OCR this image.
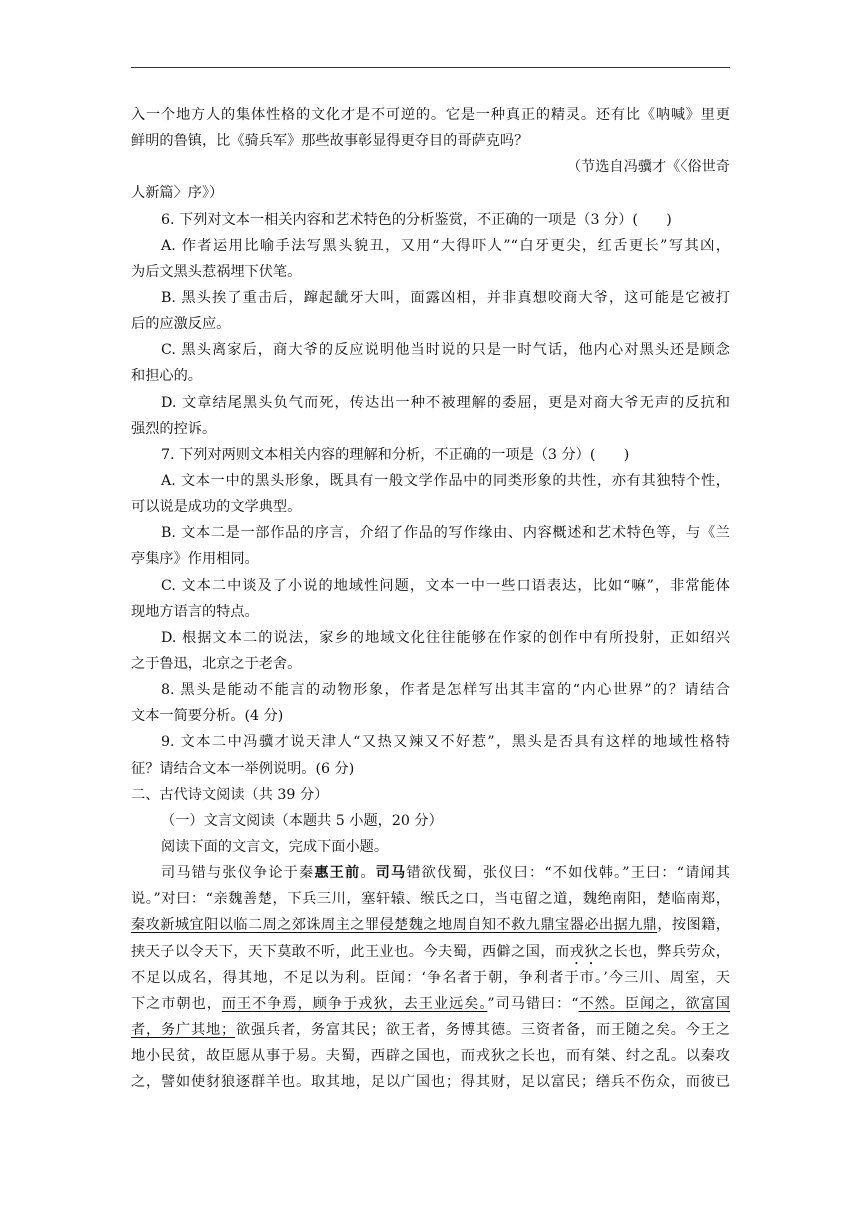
入一个地方人的集体性格的文化才是不可逆的。它是一种真正的精灵。还有比《呐喊》里更
鲜明的鲁镇，比《骑兵军》那些故事彰显得更夺目的哥萨克吗？
（节选自冯骥才《〈俗世奇
人新篇〉序》）
6. 下列对文本一相关内容和艺术特色的分析鉴赏，不正确的一项是（3 分）(　　)
A. 作者运用比喻手法写黑头貌丑，又用“大得吓人”“白牙更尖，红舌更长”写其凶，
为后文黑头惹祸埋下伏笔。
B. 黑头挨了重击后，蹿起龇牙大叫，面露凶相，并非真想咬商大爷，这可能是它被打
后的应激反应。
C. 黑头离家后，商大爷的反应说明他当时说的只是一时气话，他内心对黑头还是顾念
和担心的。
D. 文章结尾黑头负气而死，传达出一种不被理解的委屈，更是对商大爷无声的反抗和
强烈的控诉。
7. 下列对两则文本相关内容的理解和分析，不正确的一项是（3 分）(　　)
A. 文本一中的黑头形象，既具有一般文学作品中的同类形象的共性，亦有其独特个性，
可以说是成功的文学典型。
B. 文本二是一部作品的序言，介绍了作品的写作缘由、内容概述和艺术特色等，与《兰
亭集序》作用相同。
C. 文本二中谈及了小说的地域性问题，文本一中一些口语表达，比如“嘛”，非常能体
现地方语言的特点。
D. 根据文本二的说法，家乡的地域文化往往能够在作家的创作中有所投射，正如绍兴
之于鲁迅，北京之于老舍。
8. 黑头是能动不能言的动物形象，作者是怎样写出其丰富的“内心世界”的？请结合
文本一简要分析。(4 分)
9. 文本二中冯骥才说天津人“又热又辣又不好惹”，黑头是否具有这样的地域性格特
征？请结合文本一举例说明。(6 分)
二、古代诗文阅读（共 39 分）
（一）文言文阅读（本题共 5 小题，20 分）
阅读下面的文言文，完成下面小题。
司马错与张仪争论于秦惠王前。司马错欲伐蜀，张仪曰：“不如伐韩。”王曰：“请闻其
说。”对曰：“亲魏善楚，下兵三川，塞轩辕、缑氏之口，当屯留之道，魏绝南阳，楚临南郑，
秦攻新城宜阳以临二周之郊诛周主之罪侵楚魏之地周自知不救九鼎宝器必出据九鼎，按图籍，
挟天子以令天下，天下莫敢不听，此王业也。今夫蜀，西僻之国，而戎狄之长也，弊兵劳众，
不足以成名，得其地，不足以为利。臣闻：‘争名者于朝，争利者于市。’今三川、周室，天
下之市朝也，而王不争焉，顾争于戎狄，去王业远矣。”司马错曰：“不然。臣闻之，欲富国
者，务广其地；欲强兵者，务富其民；欲王者，务博其德。三资者备，而王随之矣。今王之
地小民贫，故臣愿从事于易。夫蜀，西辟之国也，而戎狄之长也，而有桀、纣之乱。以秦攻
之，譬如使豺狼逐群羊也。取其地，足以广国也；得其财，足以富民；缮兵不伤众，而彼已
